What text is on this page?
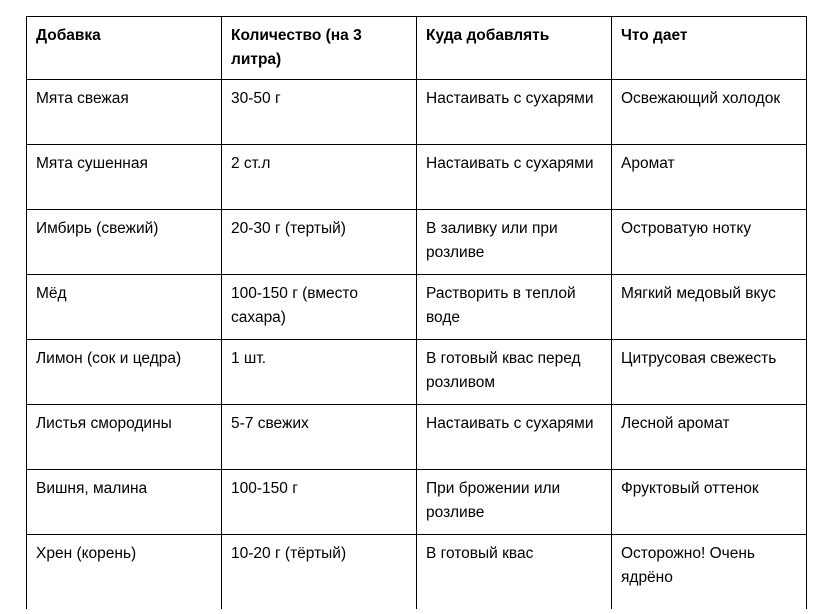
Добавка	Количество (на 3 литра)	Куда добавлять	Что дает
Мята свежая	30-50 г	Настаивать с сухарями	Освежающий холодок
Мята сушенная	2 ст.л	Настаивать с сухарями	Аромат
Имбирь (свежий)	20-30 г (тертый)	В заливку или при розливе	Островатую нотку
Мёд	100-150 г (вместо сахара)	Растворить в теплой воде	Мягкий медовый вкус
Лимон (сок и цедра)	1 шт.	В готовый квас перед розливом	Цитрусовая свежесть
Листья смородины	5-7 свежих	Настаивать с сухарями	Лесной аромат
Вишня, малина	100-150 г	При брожении или розливе	Фруктовый оттенок
Хрен (корень)	10-20 г (тёртый)	В готовый квас	Осторожно! Очень ядрёно
